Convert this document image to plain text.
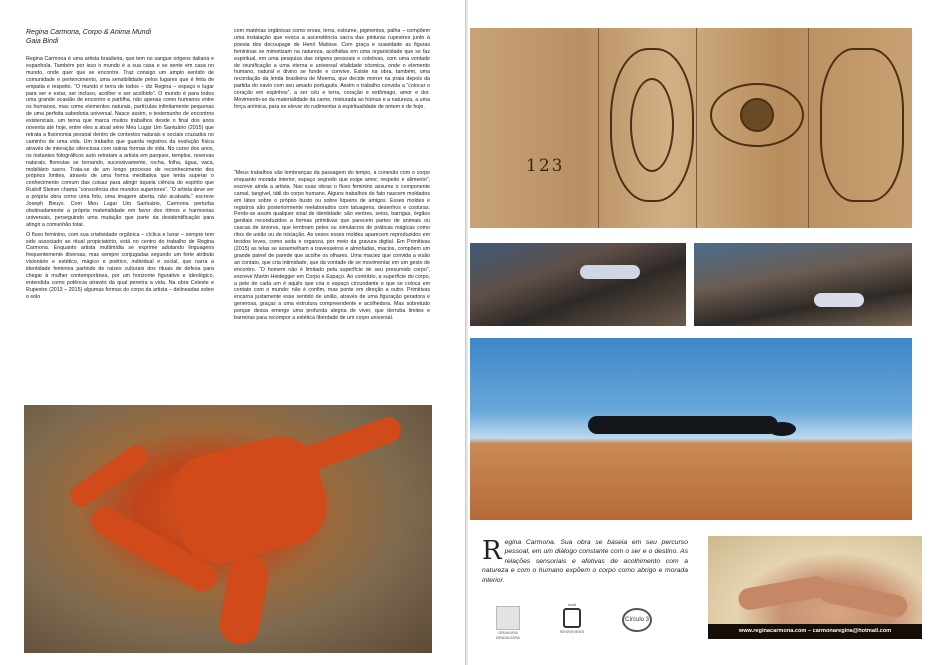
Regina Carmona, Corpo & Anima Mundi
Gaia Bindi

Regina Carmona é uma artista brasileira, que tem no sangue origens italiana e espanhola. Também por isso o mundo é a sua casa e se sente em casa no mundo, onde quer que se encontre. Traz consigo um amplo sentido de comunidade e pertencimento, uma sensibilidade pelos lugares que é feita de empatia e respeito. “O mundo é terra de todos – diz Regina – espaço e lugar para ser e estar, ser incluso, acolher e ser acolhido”. O mundo é para todos uma grande ocasião de encontro e partilha, não apenas como humanos entre os humanos, mas como elementos naturais, partículas infinitamente pequenas de uma perfeita sabedoria universal. Nasce assim, o testemunho de encontros existenciais, um terna que marca muitos trabalhos desde o final dos anos noventa até hoje, entre eles a atual série Meu Lugar Um Santuário (2015) que retrata a fisionomia pessoal dentro de contextos naturais e sociais cruzados no caminho de uma vida. Um trabalho que guarda registros da evolução física através de interação silenciosa com outras formas de vida. No curso dos anos, os instantes fotográficos auto retratam a artista em parques, templos, reservas naturais, florestas se tornando, sucessivamente, rocha, folha, água, vaca, mobiliário sacro. Trata-se de um longo processo de reconhecimento dos próprios limites, através de uma forma meditativa que tenta superar o conhecimento comum das coisas para atingir àquela ciência do espírito que Rudolf Steiner chama “consciência dos mundos superiores”. “O artista deve ver a própria obra como uma foto, uma imagem aberta, não acabada.” escreve Joseph Beuys. Com Meu Lugar Um Santuário, Carmona perturba obstinadamente a própria materialidade em favor dos ritmos e harmonias universais, perseguindo uma mutação que parte da desidentificação para atingir a comunhão total.

O fluxo feminino, com sua criatividade orgânica – cíclica e lunar – sempre tem sido associado ao ritual propiciatório, está no centro do trabalho de Regina Carmona. Enquanto artista multimídia se exprime adotando linguagens frequentemente diversas, mas sempre conjugadas segundo um forte atributo visionário e estético, mágico e poético, individual e social, que narra a identidade feminina partindo de raízes culturais dos rituais de defesa para chegar à mulher contemporânea, por um horizonte figurativo e ideológico, entendida como potência através da qual penetra a vida. Na obra Celeste e Rupestre (2013 – 2015) algumas formas do corpo da artista – delineadas sobre o solo

com matérias orgânicas como ervas, terra, estrume, pigmentos, palha – compõem uma instalação que evoca a ascendência sacra das pinturas rupestres junto à poesia dos decoupage de Henri Matisse. Com graça e suavidade as figuras femininas se mimetizam na natureza, acolhidas em uma organicidade que se faz espiritual, em uma pesquisa das origens pessoais e coletivas, com uma vontade de reunificação a uma eterna e universal vitalidade cósmica, onde o elemento humano, natural e divino se funde e convive. Existe na obra, também, uma recordação da lenda brasileira de Moema, que decide morrer na praia depois da partida do navio com seu amado português. Assim o trabalho convida a “colocar o coração em espinhos”, a ser céu e terra, coração e estômago, amor e dor. Movimento-se da materialidade da carne, misturada ao húmus e a natureza, a uma força anímica, para se elevar do rudimentar à espiritualidade de ontem e de hoje.

123
Regina Carmona. Sua obra se baseia em seu percurso pessoal, em um diálogo constante com o ser e o destino. As relações sensoriais e afetivas de acolhimento com a natureza e com o humano expõem o corpo como abrigo e morada interior.
GRAVURA BRASILEIRA
sinal
SENSEVENS
Círculo 3
www.reginacarmona.com – carmonaregina@hotmail.com

“Meus trabalhos são lembranças da passagem do tempo, a conexão com o corpo enquanto morada interior, espaço segredo que exige amor, respeito e alimento”, escreve ainda a artista. Nas suas obras o fluxo feminino assume o componente carnal, tangível, tátil do corpo humano. Alguns trabalhos de fato nascem moldados em látex sobre o próprio busto ou sobre líquens de amigos. Esses moldes e registros são posteriormente reelaborados com tatuagens, desenhos e costuras. Perde-se assim qualquer sinal de identidade: são ventres, seios, barrigas, órgãos genitais reconduzidos a formas primitivas que parecem partes de animais ou cascas de árvores, que lembram peles ou simulacros de práticas mágicas como ritos de união ou de iniciação. As vezes esses moldes aparecem reproduzidos em tecidos leves, como seda e organza, por meio da gravura digital. Em Primitivas (2015) as telas se assemelham a travesseiros e almofadas, macios, compõem um grande painel de parede que acolhe os olhares. Uma maciez que convida a visão ao contato, que cria intimidade, que da vontade de se movimentar em um gesto de encontro. “O homem não é limitado pela superfície de seu presumido corpo”, escreve Martin Heidegger em Corpo e Espaço. Ao contrário, a superfície do corpo, a pele de cada um é aquilo que cria o espaço circundante e que se coloca em contato com o mundo: não é confim, mas ponte em direção a outro. Primitivas encarna justamente esse sentido de união, através de uma figuração geradora e generosa, graças a uma estrutura compreendente e acolhedora. Mas sobretudo porque dessa emerge uma profunda alegria de viver, que derruba limites e barreiras para recompor a estética liberdade de um corpo universal.
